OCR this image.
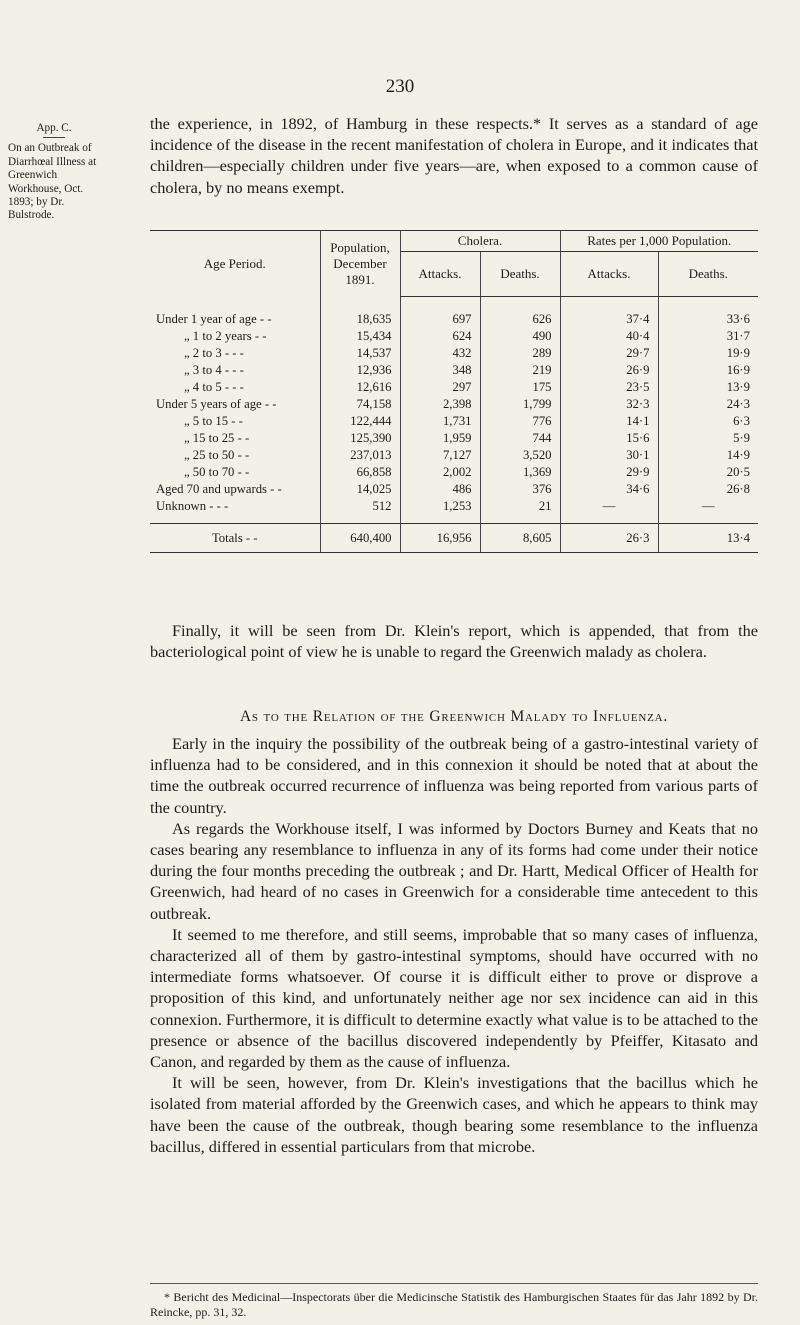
230
App. C.
On an Outbreak of Diarrhœal Illness at Greenwich Workhouse, Oct. 1893; by Dr. Bulstrode.

the experience, in 1892, of Hamburg in these respects.* It serves as a standard of age incidence of the disease in the recent manifestation of cholera in Europe, and it indicates that children—especially children under five years—are, when exposed to a common cause of cholera, by no means exempt.

Age Period.	Population, December 1891.	Cholera.		Rates per 1,000 Population.	
		Attacks.	Deaths.	Attacks.	Deaths.
Under 1 year of age - -	18,635	697	626	37·4	33·6
„ 1 to 2 years - -	15,434	624	490	40·4	31·7
„ 2 to 3 - - -	14,537	432	289	29·7	19·9
„ 3 to 4 - - -	12,936	348	219	26·9	16·9
„ 4 to 5 - - -	12,616	297	175	23·5	13·9
Under 5 years of age - -	74,158	2,398	1,799	32·3	24·3
„ 5 to 15 - -	122,444	1,731	776	14·1	6·3
„ 15 to 25 - -	125,390	1,959	744	15·6	5·9
„ 25 to 50 - -	237,013	7,127	3,520	30·1	14·9
„ 50 to 70 - -	66,858	2,002	1,369	29·9	20·5
Aged 70 and upwards - -	14,025	486	376	34·6	26·8
Unknown - - -	512	1,253	21	—	—
Totals - -	640,400	16,956	8,605	26·3	13·4

Finally, it will be seen from Dr. Klein's report, which is appended, that from the bacteriological point of view he is unable to regard the Greenwich malady as cholera.

As to the Relation of the Greenwich Malady to Influenza.

Early in the inquiry the possibility of the outbreak being of a gastro-intestinal variety of influenza had to be considered, and in this connexion it should be noted that at about the time the outbreak occurred recurrence of influenza was being reported from various parts of the country.

As regards the Workhouse itself, I was informed by Doctors Burney and Keats that no cases bearing any resemblance to influenza in any of its forms had come under their notice during the four months preceding the outbreak ; and Dr. Hartt, Medical Officer of Health for Greenwich, had heard of no cases in Greenwich for a considerable time antecedent to this outbreak.

It seemed to me therefore, and still seems, improbable that so many cases of influenza, characterized all of them by gastro-intestinal symptoms, should have occurred with no intermediate forms whatsoever. Of course it is difficult either to prove or disprove a proposition of this kind, and unfortunately neither age nor sex incidence can aid in this connexion. Furthermore, it is difficult to determine exactly what value is to be attached to the presence or absence of the bacillus discovered independently by Pfeiffer, Kitasato and Canon, and regarded by them as the cause of influenza.

It will be seen, however, from Dr. Klein's investigations that the bacillus which he isolated from material afforded by the Greenwich cases, and which he appears to think may have been the cause of the outbreak, though bearing some resemblance to the influenza bacillus, differed in essential particulars from that microbe.

* Bericht des Medicinal—Inspectorats über die Medicinsche Statistik des Hamburgischen Staates für das Jahr 1892 by Dr. Reincke, pp. 31, 32.
